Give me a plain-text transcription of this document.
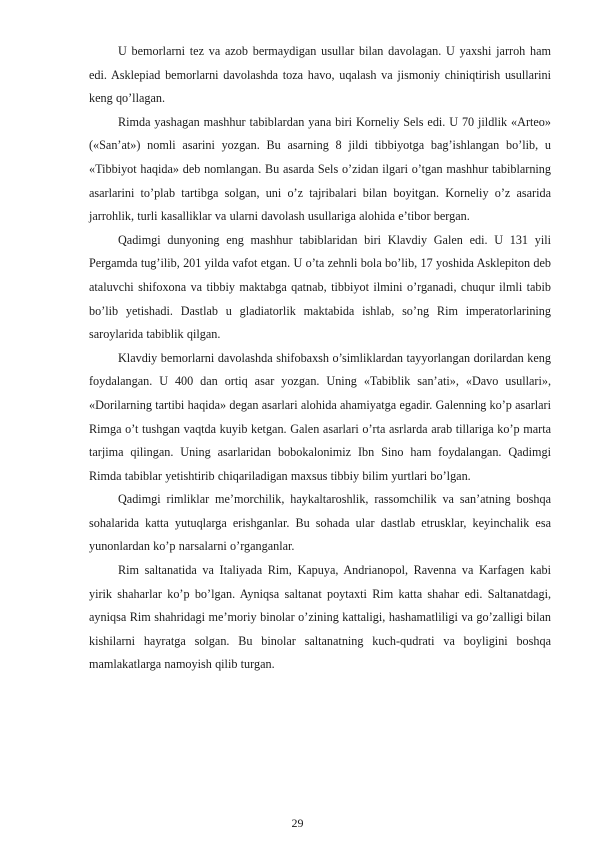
U bemorlarni tez va azob bermaydigan usullar bilan davolagan. U yaxshi jarroh ham edi. Asklepiad bemorlarni davolashda toza havo, uqalash va jismoniy chiniqtirish usullarini keng qo’llagan.

Rimda yashagan mashhur tabiblardan yana biri Korneliy Sels edi. U 70 jildlik «Arteo» («San’at») nomli asarini yozgan. Bu asarning 8 jildi tibbiyotga bag’ishlangan bo’lib, u «Tibbiyot haqida» deb nomlangan. Bu asarda Sels o’zidan ilgari o’tgan mashhur tabiblarning asarlarini to’plab tartibga solgan, uni o’z tajribalari bilan boyitgan. Korneliy o’z asarida jarrohlik, turli kasalliklar va ularni davolash usullariga alohida e’tibor bergan.

Qadimgi dunyoning eng mashhur tabiblaridan biri Klavdiy Galen edi. U 131 yili Pergamda tug’ilib, 201 yilda vafot etgan. U o’ta zehnli bola bo’lib, 17 yoshida Asklepiton deb ataluvchi shifoxona va tibbiy maktabga qatnab, tibbiyot ilmini o’rganadi, chuqur ilmli tabib bo’lib yetishadi. Dastlab u gladiatorlik maktabida ishlab, so’ng Rim imperatorlarining saroylarida tabiblik qilgan.

Klavdiy bemorlarni davolashda shifobaxsh o’simliklardan tayyorlangan dorilardan keng foydalangan. U 400 dan ortiq asar yozgan. Uning «Tabiblik san’ati», «Davo usullari», «Dorilarning tartibi haqida» degan asarlari alohida ahamiyatga egadir. Galenning ko’p asarlari Rimga o’t tushgan vaqtda kuyib ketgan. Galen asarlari o’rta asrlarda arab tillariga ko’p marta tarjima qilingan. Uning asarlaridan bobokalonimiz Ibn Sino ham foydalangan. Qadimgi Rimda tabiblar yetishtirib chiqariladigan maxsus tibbiy bilim yurtlari bo’lgan.

Qadimgi rimliklar me’morchilik, haykaltaroshlik, rassomchilik va san’atning boshqa sohalarida katta yutuqlarga erishganlar. Bu sohada ular dastlab etrusklar, keyinchalik esa yunonlardan ko’p narsalarni o’rganganlar.

Rim saltanatida va Italiyada Rim, Kapuya, Andrianopol, Ravenna va Karfagen kabi yirik shaharlar ko’p bo’lgan. Ayniqsa saltanat poytaxti Rim katta shahar edi. Saltanatdagi, ayniqsa Rim shahridagi me’moriy binolar o’zining kattaligi, hashamatliligi va go’zalligi bilan kishilarni hayratga solgan. Bu binolar saltanatning kuch-qudrati va boyligini boshqa mamlakatlarga namoyish qilib turgan.

29
